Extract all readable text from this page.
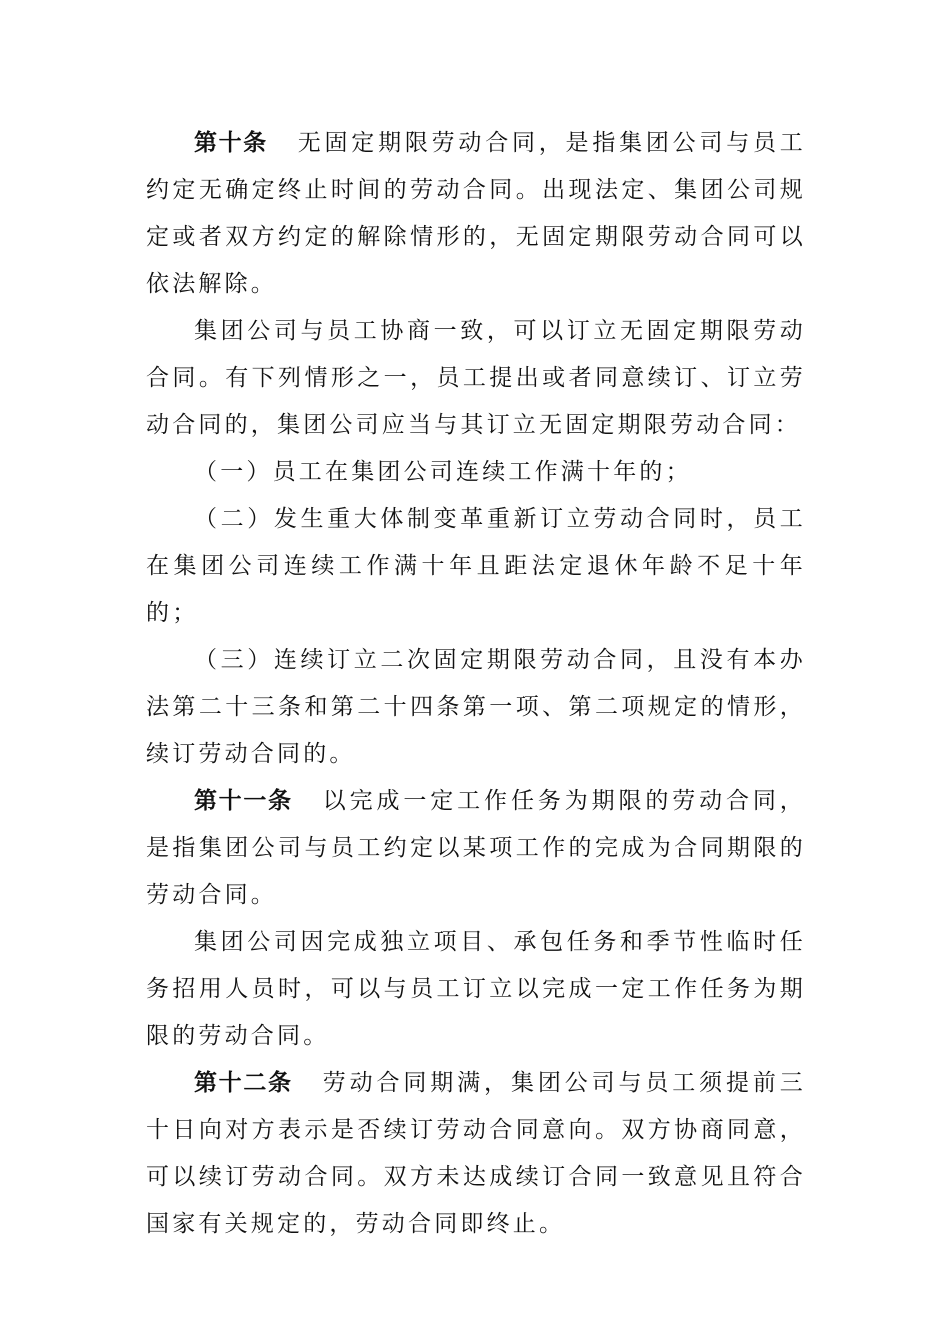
第十条 无固定期限劳动合同，是指集团公司与员工约定无确定终止时间的劳动合同。出现法定、集团公司规定或者双方约定的解除情形的，无固定期限劳动合同可以依法解除。

集团公司与员工协商一致，可以订立无固定期限劳动合同。有下列情形之一，员工提出或者同意续订、订立劳动合同的，集团公司应当与其订立无固定期限劳动合同：

（一）员工在集团公司连续工作满十年的；

（二）发生重大体制变革重新订立劳动合同时，员工在集团公司连续工作满十年且距法定退休年龄不足十年的；

（三）连续订立二次固定期限劳动合同，且没有本办法第二十三条和第二十四条第一项、第二项规定的情形，续订劳动合同的。

第十一条 以完成一定工作任务为期限的劳动合同，是指集团公司与员工约定以某项工作的完成为合同期限的劳动合同。

集团公司因完成独立项目、承包任务和季节性临时任务招用人员时，可以与员工订立以完成一定工作任务为期限的劳动合同。

第十二条 劳动合同期满，集团公司与员工须提前三十日向对方表示是否续订劳动合同意向。双方协商同意，可以续订劳动合同。双方未达成续订合同一致意见且符合国家有关规定的，劳动合同即终止。
